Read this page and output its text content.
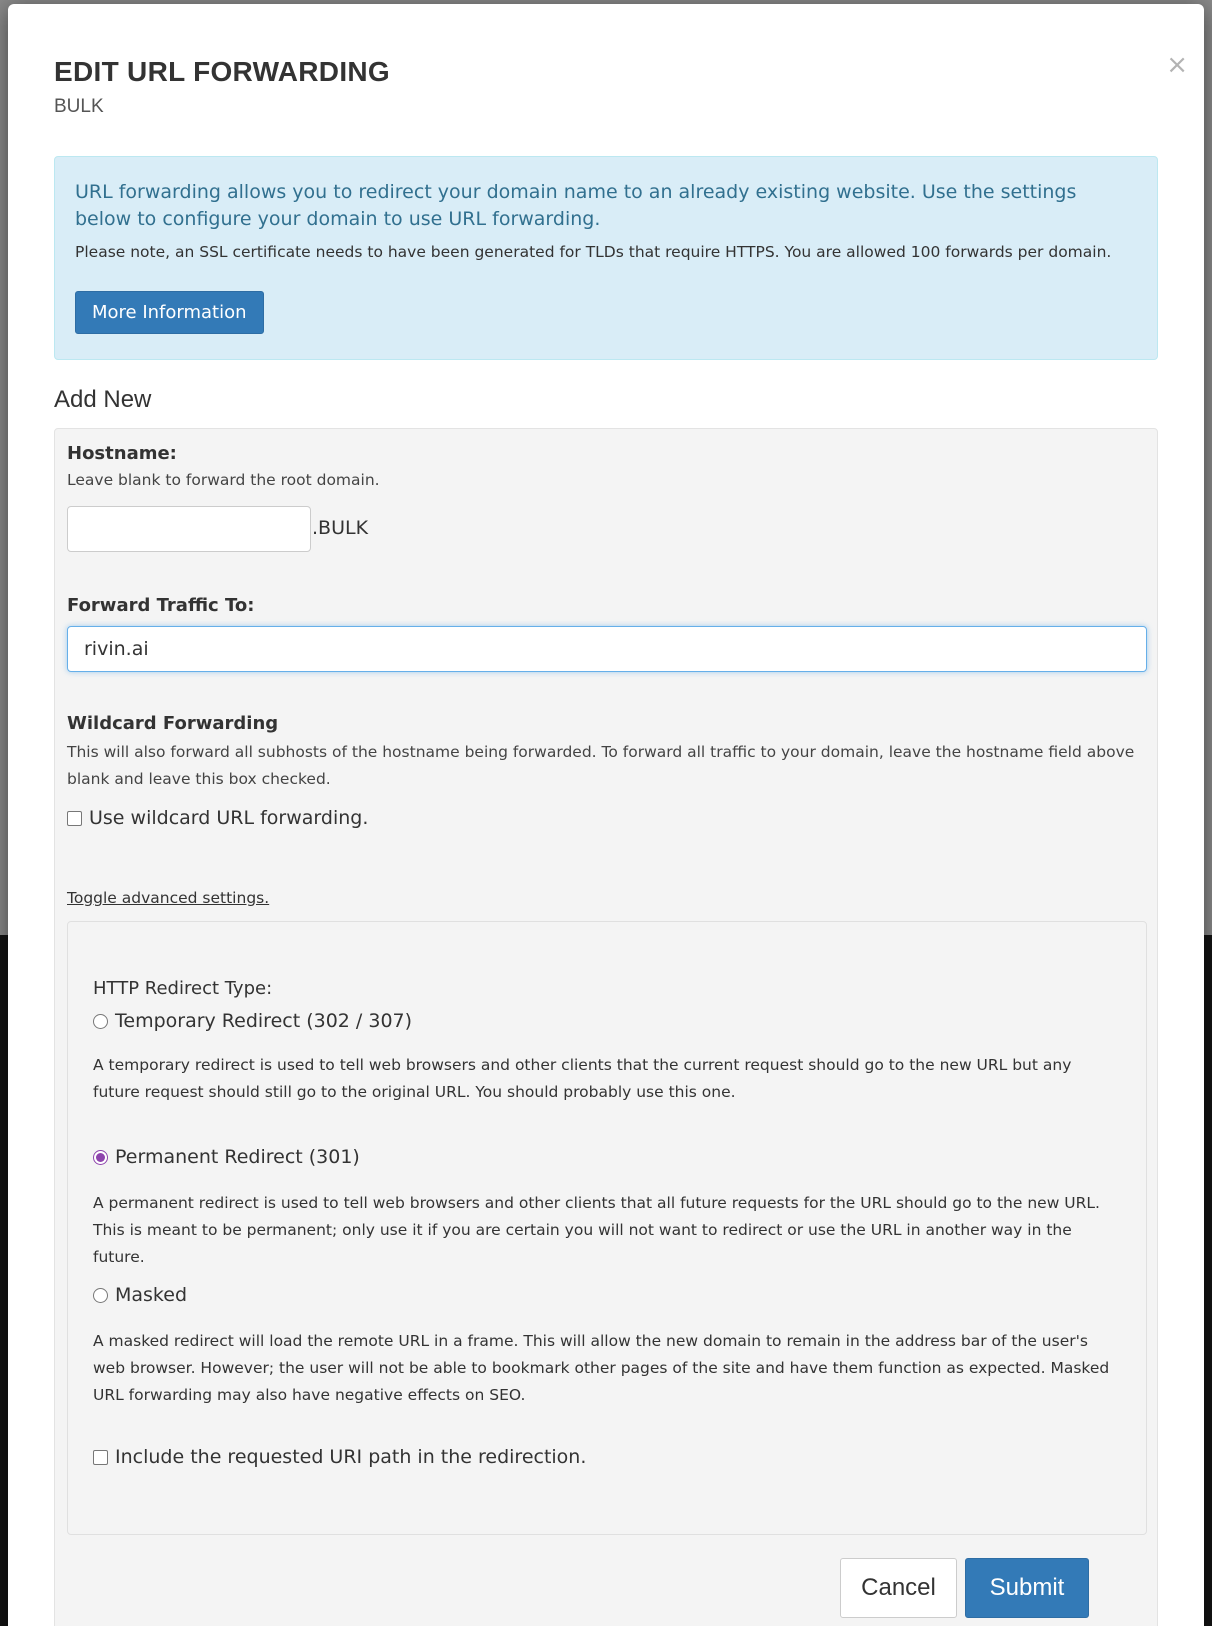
EDIT URL FORWARDING
BULK
×
URL forwarding allows you to redirect your domain name to an already existing website. Use the settings below to configure your domain to use URL forwarding.
Please note, an SSL certificate needs to have been generated for TLDs that require HTTPS. You are allowed 100 forwards per domain.
More Information
Add New
Hostname:
Leave blank to forward the root domain.
.BULK
Forward Traffic To:
rivin.ai
Wildcard Forwarding
This will also forward all subhosts of the hostname being forwarded. To forward all traffic to your domain, leave the hostname field above blank and leave this box checked.
Use wildcard URL forwarding.
Toggle advanced settings.
HTTP Redirect Type:
Temporary Redirect (302 / 307)
A temporary redirect is used to tell web browsers and other clients that the current request should go to the new URL but any future request should still go to the original URL. You should probably use this one.
Permanent Redirect (301)
A permanent redirect is used to tell web browsers and other clients that all future requests for the URL should go to the new URL. This is meant to be permanent; only use it if you are certain you will not want to redirect or use the URL in another way in the future.
Masked
A masked redirect will load the remote URL in a frame. This will allow the new domain to remain in the address bar of the user's web browser. However; the user will not be able to bookmark other pages of the site and have them function as expected. Masked URL forwarding may also have negative effects on SEO.
Include the requested URI path in the redirection.
Cancel	Submit
